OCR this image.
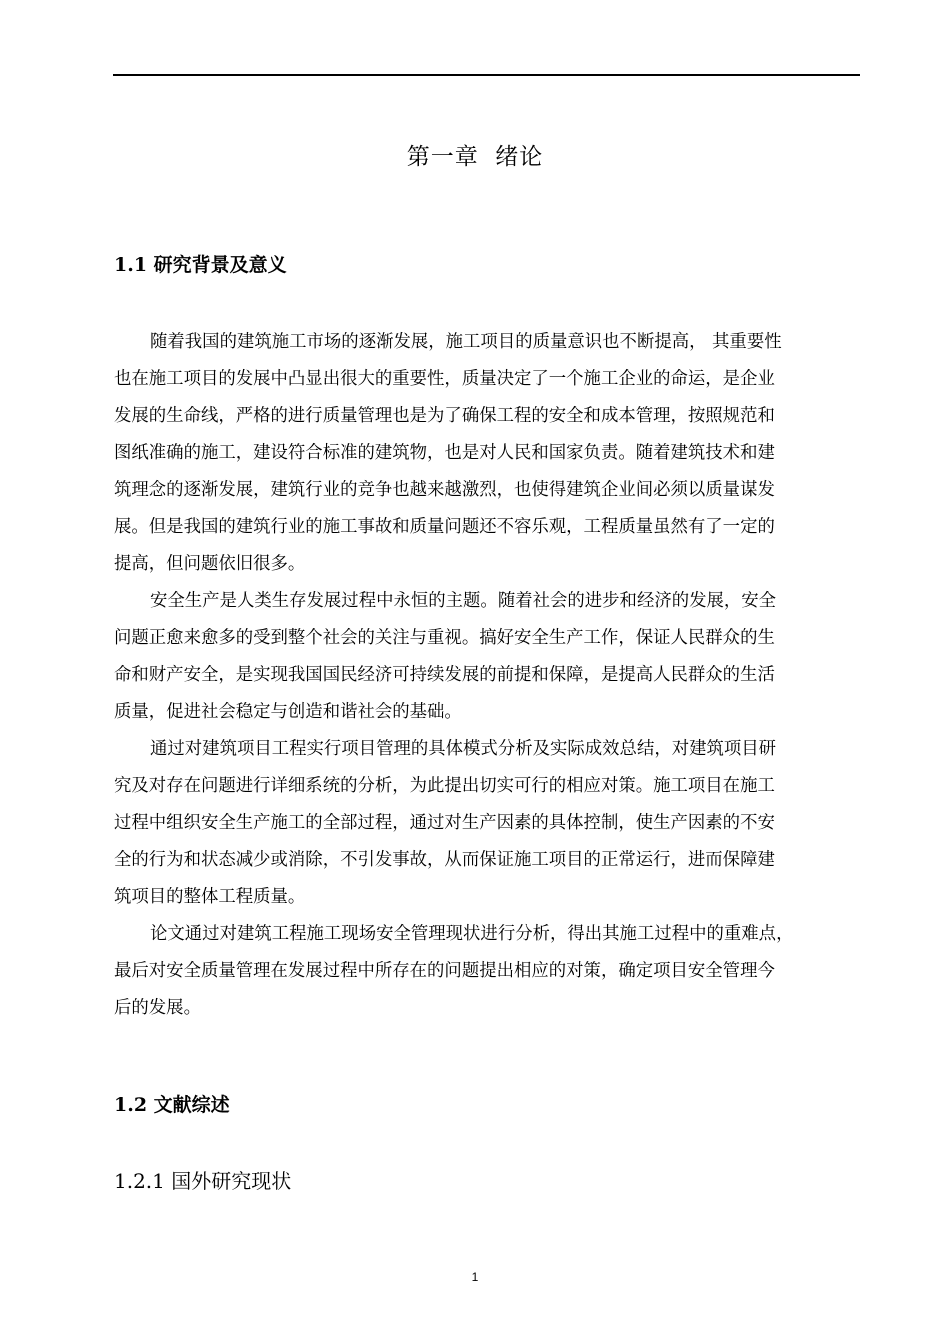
第一章  绪论
1.1 研究背景及意义
随着我国的建筑施工市场的逐渐发展，施工项目的质量意识也不断提高， 其重要性
也在施工项目的发展中凸显出很大的重要性，质量决定了一个施工企业的命运，是企业
发展的生命线，严格的进行质量管理也是为了确保工程的安全和成本管理，按照规范和
图纸准确的施工，建设符合标准的建筑物，也是对人民和国家负责。随着建筑技术和建
筑理念的逐渐发展，建筑行业的竞争也越来越激烈，也使得建筑企业间必须以质量谋发
展。但是我国的建筑行业的施工事故和质量问题还不容乐观，工程质量虽然有了一定的
提高，但问题依旧很多。
安全生产是人类生存发展过程中永恒的主题。随着社会的进步和经济的发展，安全
问题正愈来愈多的受到整个社会的关注与重视。搞好安全生产工作，保证人民群众的生
命和财产安全，是实现我国国民经济可持续发展的前提和保障，是提高人民群众的生活
质量，促进社会稳定与创造和谐社会的基础。
通过对建筑项目工程实行项目管理的具体模式分析及实际成效总结，对建筑项目研
究及对存在问题进行详细系统的分析，为此提出切实可行的相应对策。施工项目在施工
过程中组织安全生产施工的全部过程，通过对生产因素的具体控制，使生产因素的不安
全的行为和状态减少或消除，不引发事故，从而保证施工项目的正常运行，进而保障建
筑项目的整体工程质量。
论文通过对建筑工程施工现场安全管理现状进行分析，得出其施工过程中的重难点，
最后对安全质量管理在发展过程中所存在的问题提出相应的对策，确定项目安全管理今
后的发展。
1.2 文献综述
1.2.1 国外研究现状
1
